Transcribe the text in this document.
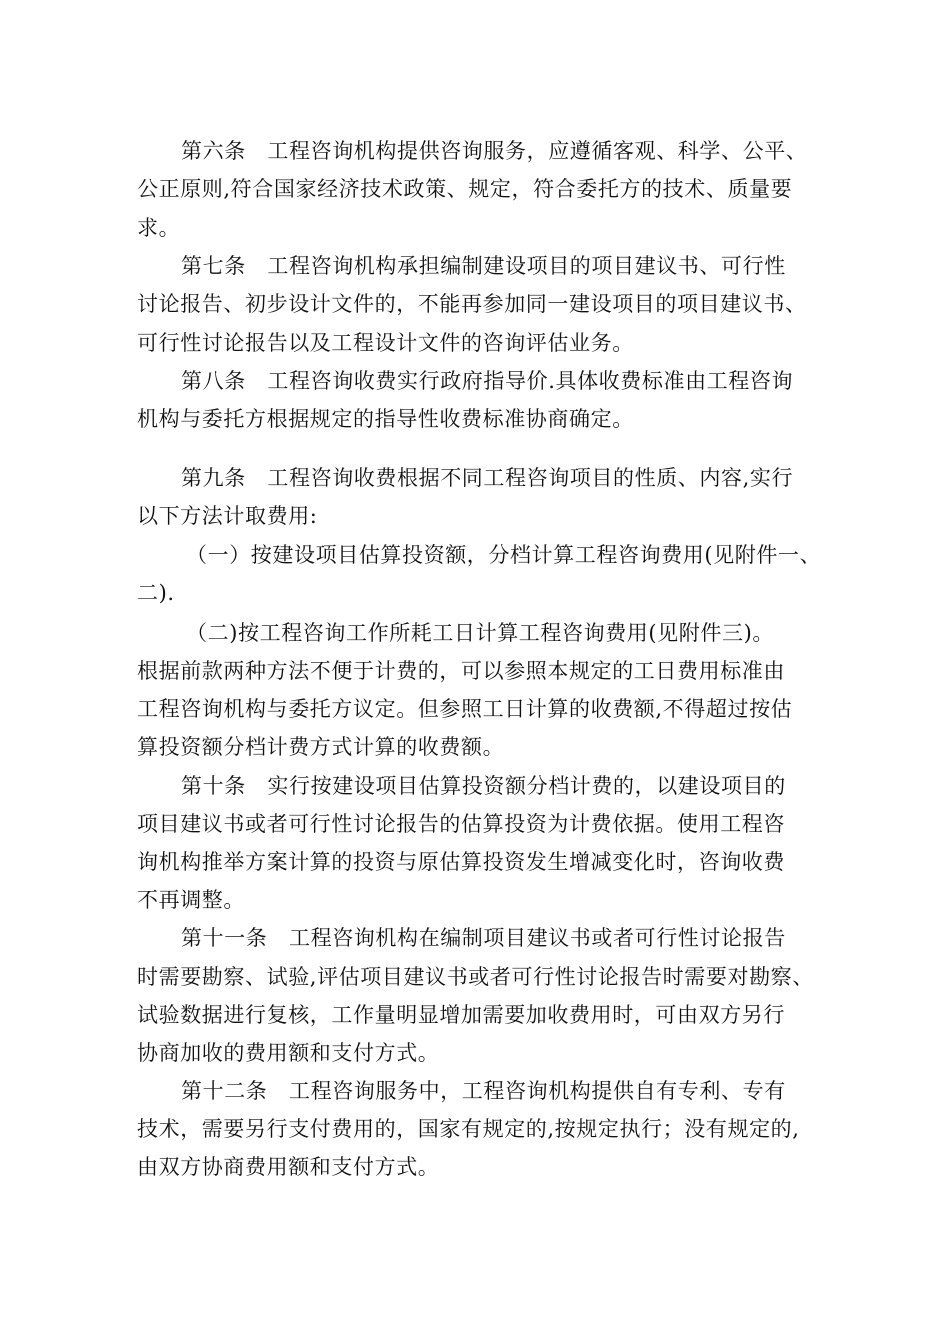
第六条　工程咨询机构提供咨询服务，应遵循客观、科学、公平、
公正原则,符合国家经济技术政策、规定，符合委托方的技术、质量要
求。
第七条　工程咨询机构承担编制建设项目的项目建议书、可行性
讨论报告、初步设计文件的，不能再参加同一建设项目的项目建议书、
可行性讨论报告以及工程设计文件的咨询评估业务。
第八条　工程咨询收费实行政府指导价.具体收费标准由工程咨询
机构与委托方根据规定的指导性收费标准协商确定。
第九条　工程咨询收费根据不同工程咨询项目的性质、内容,实行
以下方法计取费用:
（一）按建设项目估算投资额，分档计算工程咨询费用(见附件一、
二).
（二)按工程咨询工作所耗工日计算工程咨询费用(见附件三)。
根据前款两种方法不便于计费的，可以参照本规定的工日费用标准由
工程咨询机构与委托方议定。但参照工日计算的收费额,不得超过按估
算投资额分档计费方式计算的收费额。
第十条　实行按建设项目估算投资额分档计费的，以建设项目的
项目建议书或者可行性讨论报告的估算投资为计费依据。使用工程咨
询机构推举方案计算的投资与原估算投资发生增减变化时，咨询收费
不再调整。
第十一条　工程咨询机构在编制项目建议书或者可行性讨论报告
时需要勘察、试验,评估项目建议书或者可行性讨论报告时需要对勘察、
试验数据进行复核，工作量明显增加需要加收费用时，可由双方另行
协商加收的费用额和支付方式。
第十二条　工程咨询服务中，工程咨询机构提供自有专利、专有
技术，需要另行支付费用的，国家有规定的,按规定执行；没有规定的,
由双方协商费用额和支付方式。
